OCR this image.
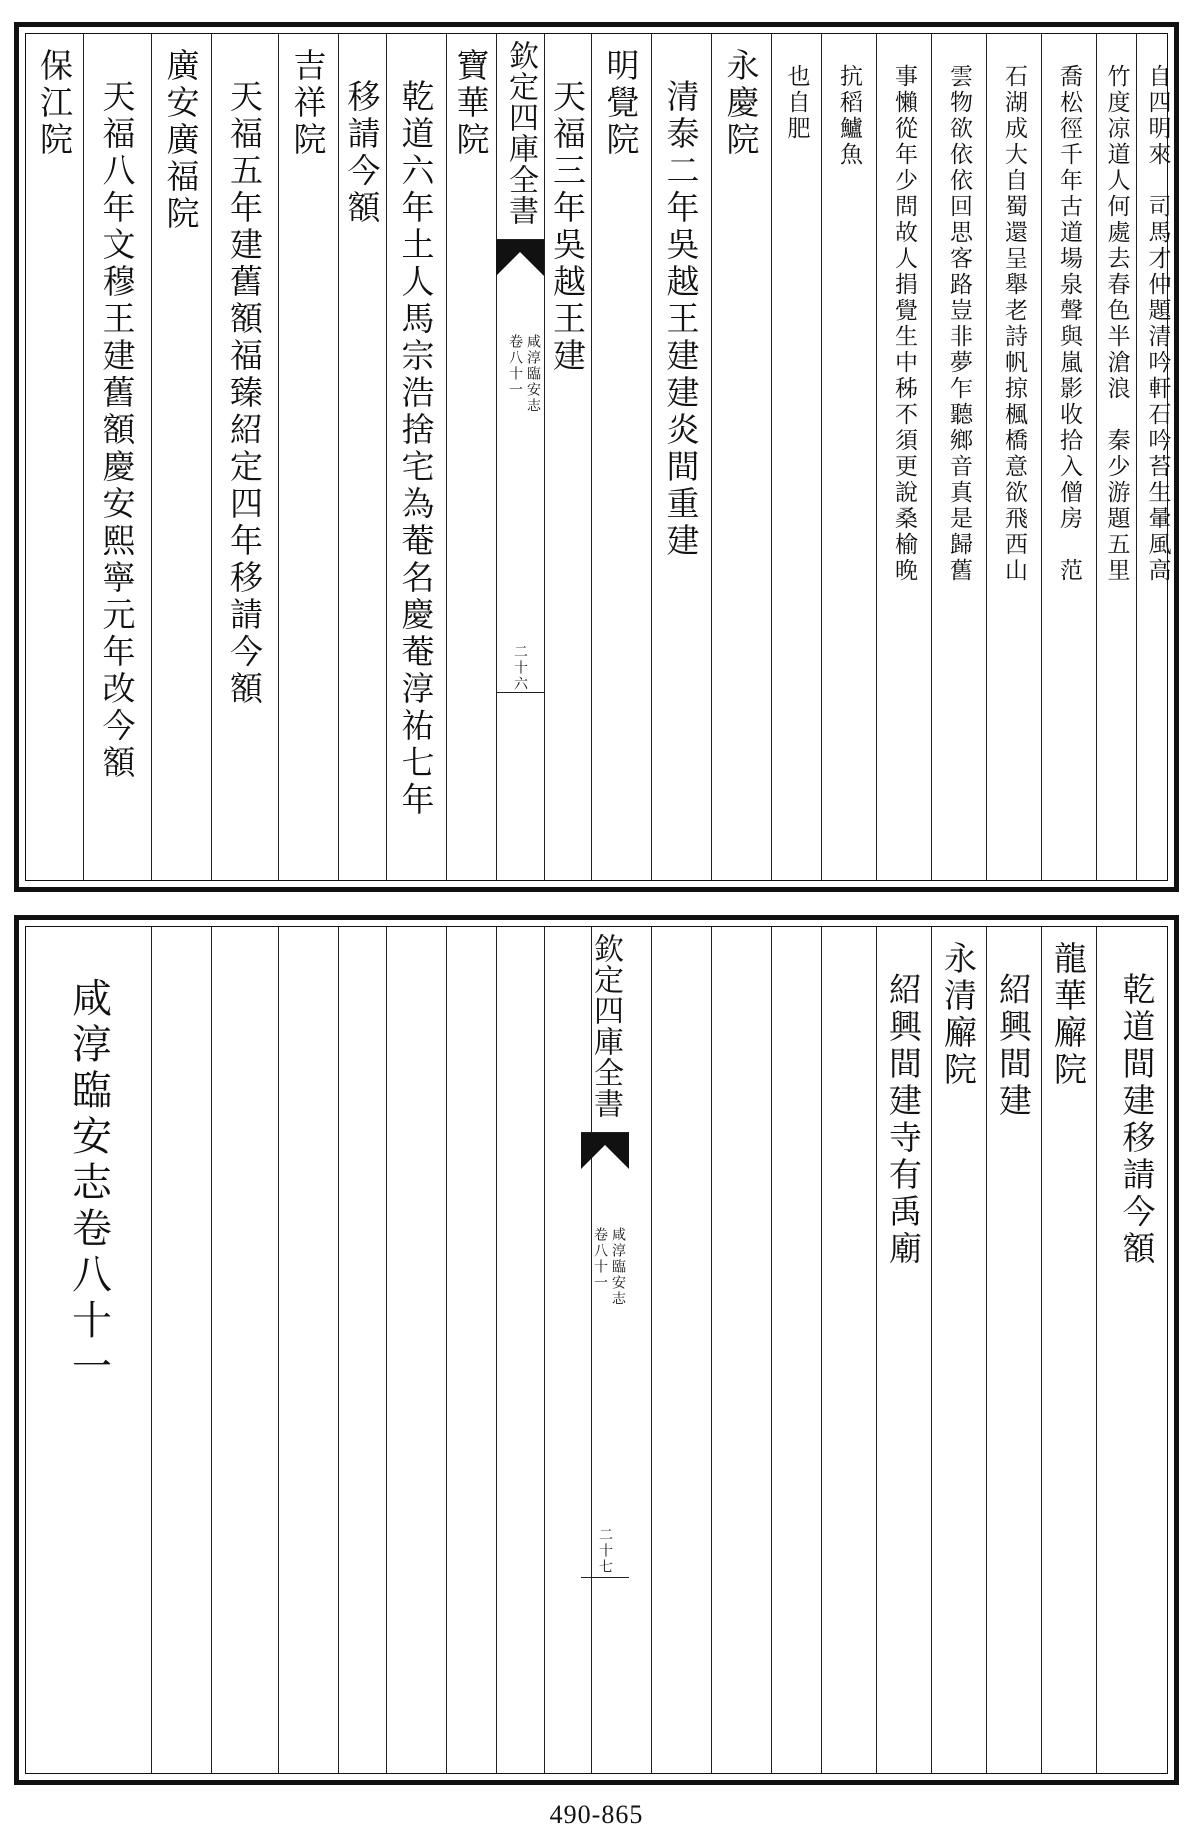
自四明來　司馬才仲題清吟軒石吟苔生暈風高
竹度凉道人何處去春色半滄浪　秦少游題五里
喬松徑千年古道場泉聲與嵐影收拾入僧房　范
石湖成大自蜀還呈舉老詩帆掠楓橋意欲飛西山
雲物欲依依回思客路豈非夢乍聽鄉音真是歸舊
事懶從年少問故人捐覺生中秭不須更說桑榆晚
抗稻鱸魚
也自肥
永慶院
清泰二年吳越王建建炎間重建
明覺院
天福三年吳越王建
欽定四庫全書
咸淳臨安志
卷八十一
二十六
寶華院
乾道六年土人馬宗浩捨宅為菴名慶菴淳祐七年
移請今額
吉祥院
天福五年建舊額福臻紹定四年移請今額
廣安廣福院
天福八年文穆王建舊額慶安熙寧元年改今額
保江院
乾道間建移請今額
龍華廨院
紹興間建
永清廨院
紹興間建寺有禹廟
欽定四庫全書
咸淳臨安志
卷八十一
二十七
咸淳臨安志卷八十一
490-865
